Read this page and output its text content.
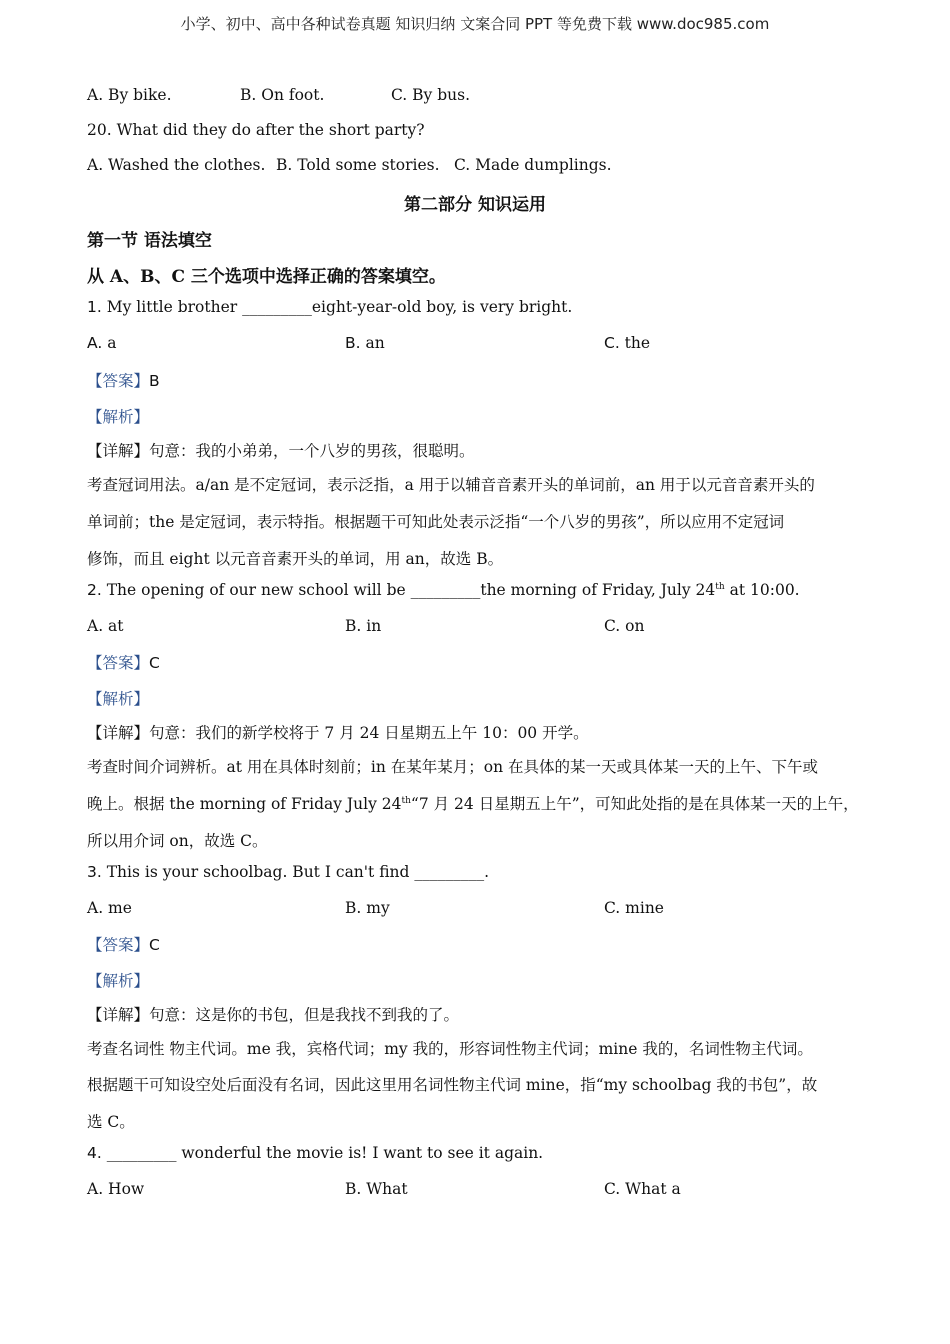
小学、初中、高中各种试卷真题 知识归纳 文案合同 PPT 等免费下载 www.doc985.com
A. By bike.	B. On foot.	C. By bus.
20. What did they do after the short party?
A. Washed the clothes. B. Told some stories. C. Made dumplings.
第二部分 知识运用
第一节 语法填空
从 A、B、C 三个选项中选择正确的答案填空。
1. My little brother _________eight-year-old boy, is very bright.
A. a	B. an	C. the
【答案】B
【解析】
【详解】句意：我的小弟弟，一个八岁的男孩，很聪明。
考查冠词用法。a/an 是不定冠词，表示泛指，a 用于以辅音音素开头的单词前，an 用于以元音音素开头的
单词前；the 是定冠词，表示特指。根据题干可知此处表示泛指“一个八岁的男孩”，所以应用不定冠词
修饰，而且 eight 以元音音素开头的单词，用 an，故选 B。
2. The opening of our new school will be _________the morning of Friday, July 24th at 10:00.
A. at	B. in	C. on
【答案】C
【解析】
【详解】句意：我们的新学校将于 7 月 24 日星期五上午 10：00 开学。
考查时间介词辨析。at 用在具体时刻前；in 在某年某月；on 在具体的某一天或具体某一天的上午、下午或
晚上。根据 the morning of Friday July 24th“7 月 24 日星期五上午”，可知此处指的是在具体某一天的上午，
所以用介词 on，故选 C。
3. This is your schoolbag. But I can't find _________.
A. me	B. my	C. mine
【答案】C
【解析】
【详解】句意：这是你的书包，但是我找不到我的了。
考查名词性 物主代词。me 我，宾格代词；my 我的，形容词性物主代词；mine 我的，名词性物主代词。
根据题干可知设空处后面没有名词，因此这里用名词性物主代词 mine，指“my schoolbag 我的书包”，故
选 C。
4. _________ wonderful the movie is! I want to see it again.
A. How	B. What	C. What a
